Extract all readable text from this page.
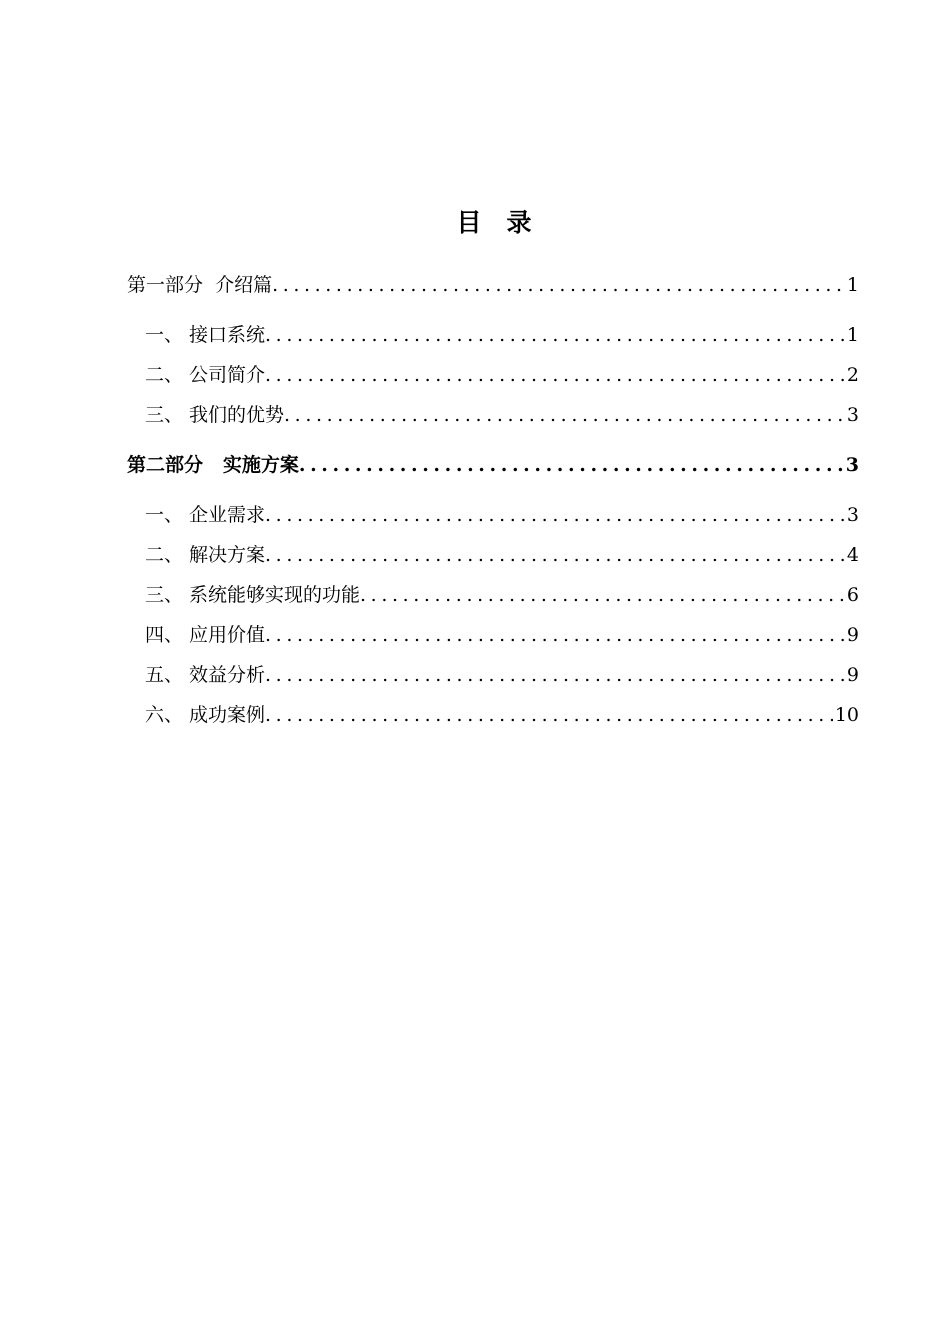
目　录
第一部分  介绍篇 .....	1
一、 接口系统 .....	1
二、 公司简介 .....	2
三、 我们的优势 .....	3
第二部分   实施方案 .....	3
一、 企业需求 .....	3
二、 解决方案 .....	4
三、 系统能够实现的功能 .....	6
四、 应用价值 .....	9
五、 效益分析 .....	9
六、 成功案例 .....	10
